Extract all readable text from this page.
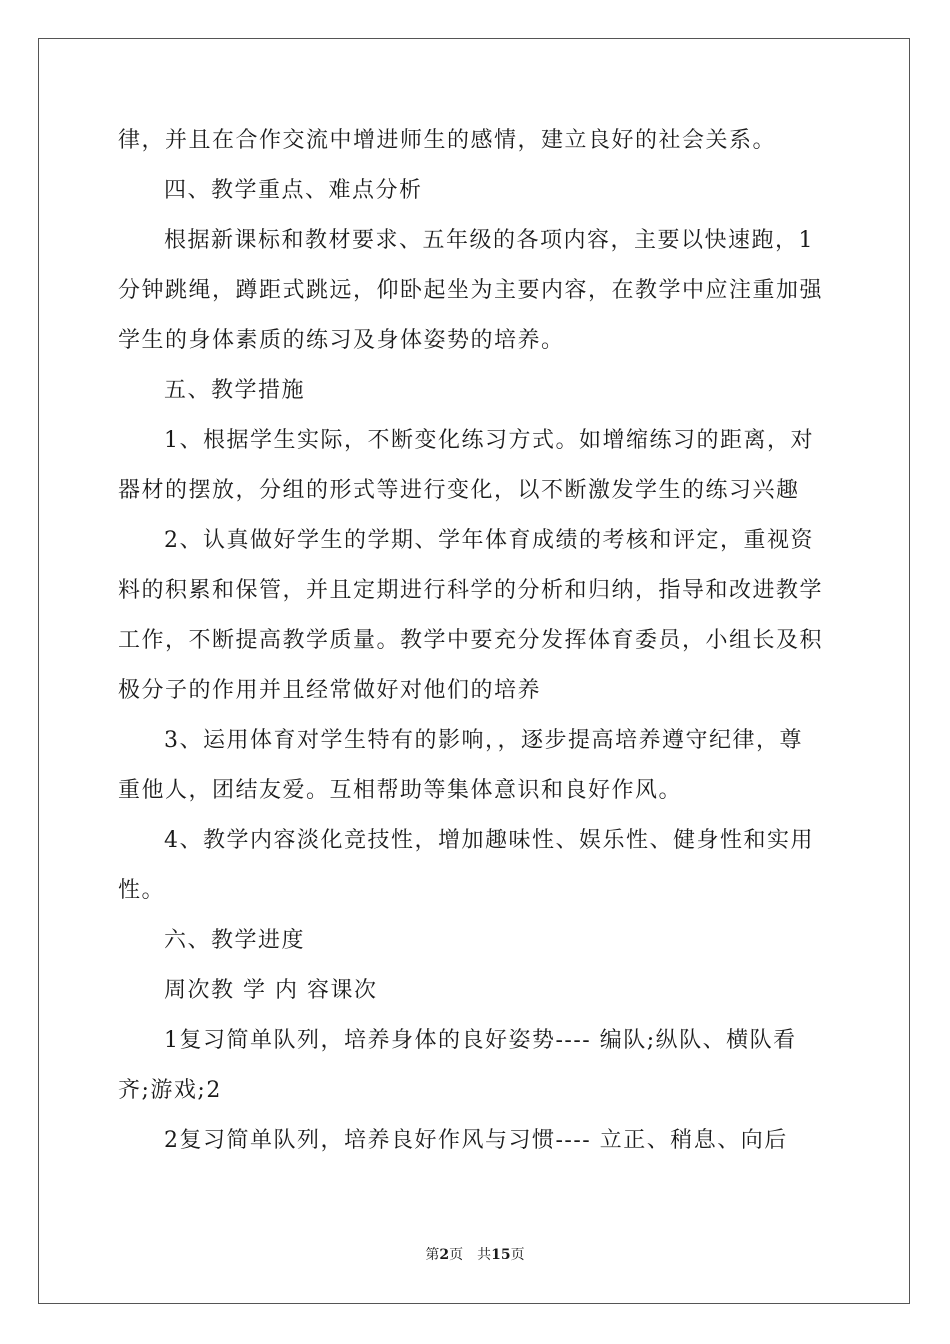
律，并且在合作交流中增进师生的感情，建立良好的社会关系。
四、教学重点、难点分析
根据新课标和教材要求、五年级的各项内容，主要以快速跑，1
分钟跳绳，蹲距式跳远，仰卧起坐为主要内容，在教学中应注重加强
学生的身体素质的练习及身体姿势的培养。
五、教学措施
1、根据学生实际，不断变化练习方式。如增缩练习的距离，对
器材的摆放，分组的形式等进行变化，以不断激发学生的练习兴趣
2、认真做好学生的学期、学年体育成绩的考核和评定，重视资
料的积累和保管，并且定期进行科学的分析和归纳，指导和改进教学
工作，不断提高教学质量。教学中要充分发挥体育委员，小组长及积
极分子的作用并且经常做好对他们的培养
3、运用体育对学生特有的影响，，逐步提高培养遵守纪律，尊
重他人，团结友爱。互相帮助等集体意识和良好作风。
4、教学内容淡化竞技性，增加趣味性、娱乐性、健身性和实用
性。
六、教学进度
周次教 学 内 容课次
1复习简单队列，培养身体的良好姿势---- 编队;纵队、横队看
齐;游戏;2
2复习简单队列，培养良好作风与习惯---- 立正、稍息、向后
第2页　共15页
